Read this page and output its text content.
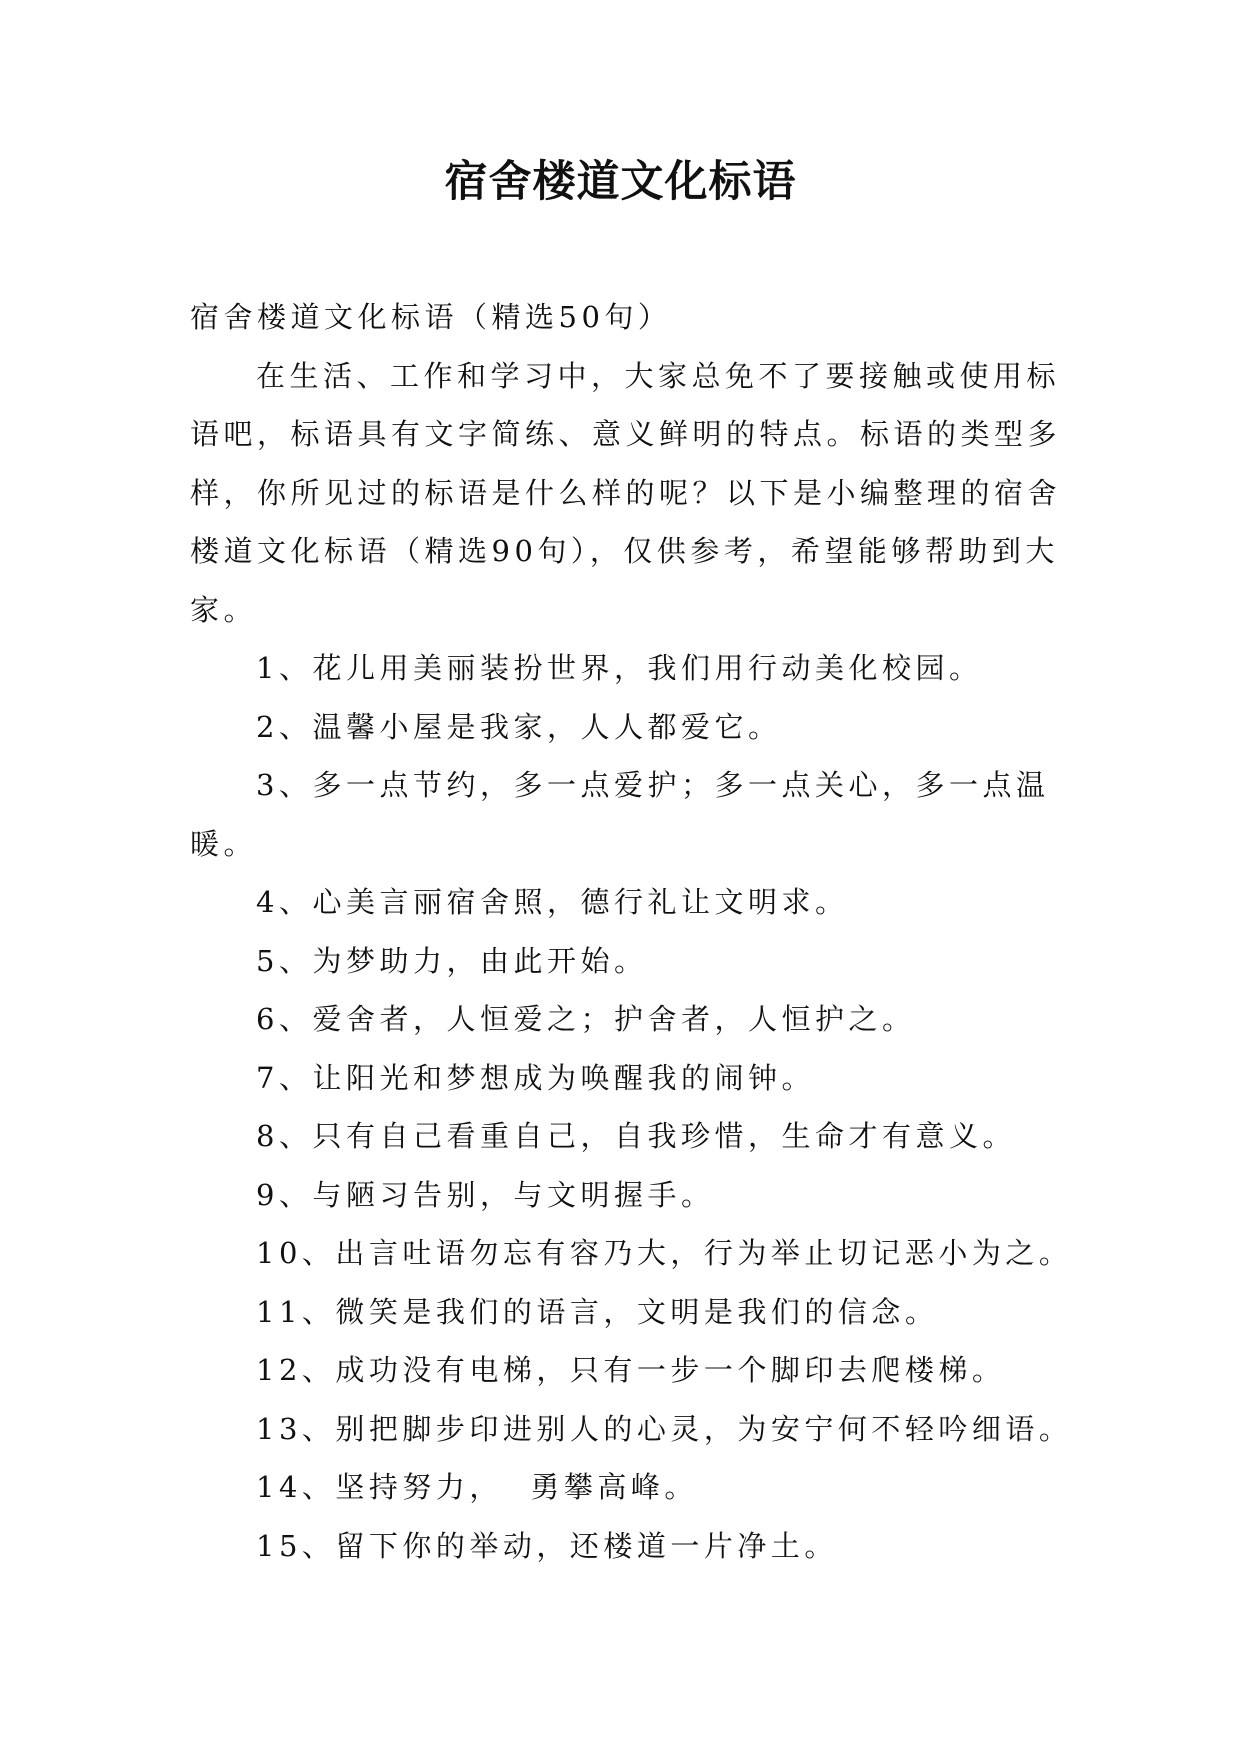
宿舍楼道文化标语

宿舍楼道文化标语（精选50句）

在生活、工作和学习中，大家总免不了要接触或使用标语吧，标语具有文字简练、意义鲜明的特点。标语的类型多样，你所见过的标语是什么样的呢？以下是小编整理的宿舍楼道文化标语（精选90句），仅供参考，希望能够帮助到大家。

1、花儿用美丽装扮世界，我们用行动美化校园。

2、温馨小屋是我家，人人都爱它。

3、多一点节约，多一点爱护；多一点关心，多一点温暖。

4、心美言丽宿舍照，德行礼让文明求。

5、为梦助力，由此开始。

6、爱舍者，人恒爱之；护舍者，人恒护之。

7、让阳光和梦想成为唤醒我的闹钟。

8、只有自己看重自己，自我珍惜，生命才有意义。

9、与陋习告别，与文明握手。

10、出言吐语勿忘有容乃大，行为举止切记恶小为之。

11、微笑是我们的语言，文明是我们的信念。

12、成功没有电梯，只有一步一个脚印去爬楼梯。

13、别把脚步印进别人的心灵，为安宁何不轻吟细语。

14、坚持努力，  勇攀高峰。

15、留下你的举动，还楼道一片净土。
